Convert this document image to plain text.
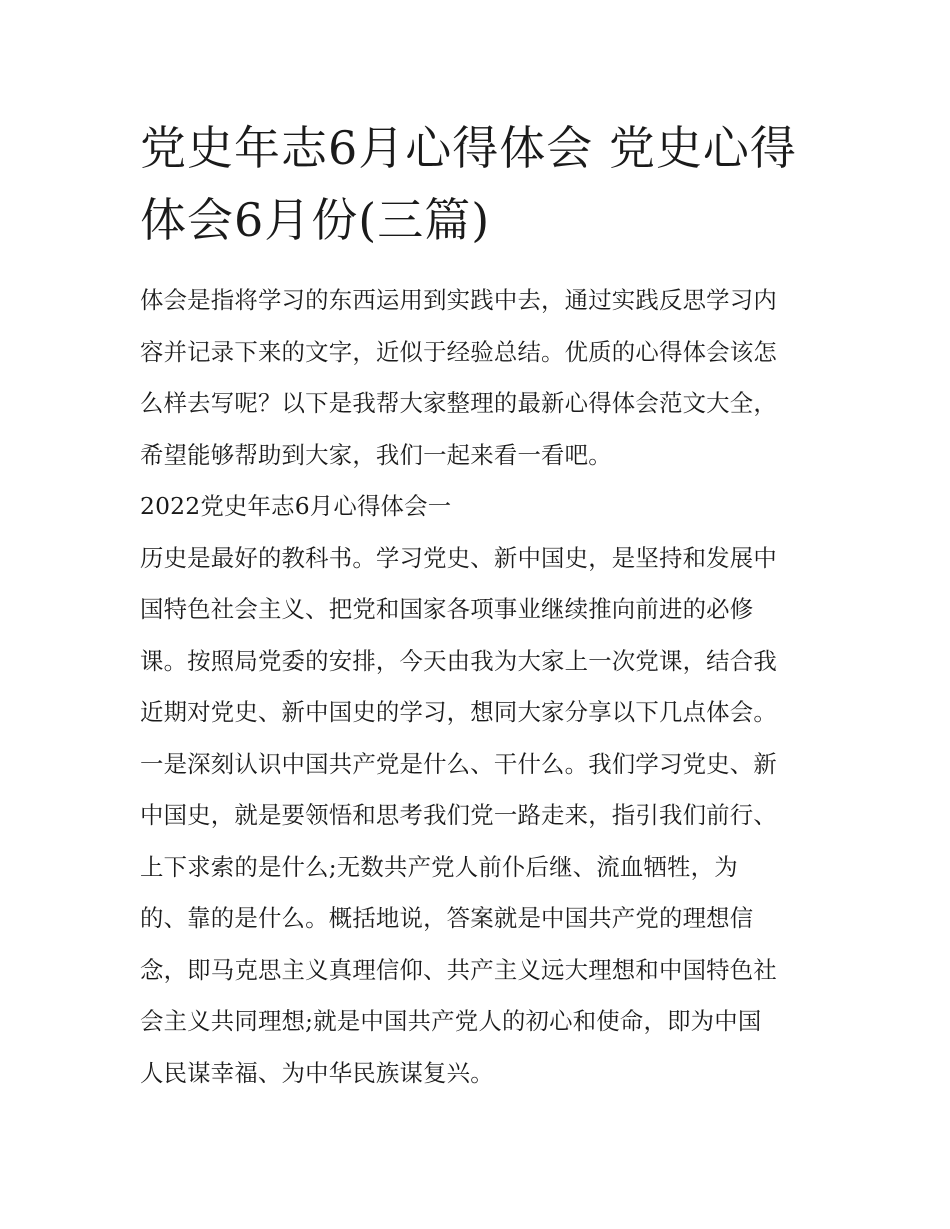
党史年志6月心得体会 党史心得体会6月份(三篇)
体会是指将学习的东西运用到实践中去，通过实践反思学习内
容并记录下来的文字，近似于经验总结。优质的心得体会该怎
么样去写呢？以下是我帮大家整理的最新心得体会范文大全，
希望能够帮助到大家，我们一起来看一看吧。
2022党史年志6月心得体会一
历史是最好的教科书。学习党史、新中国史，是坚持和发展中
国特色社会主义、把党和国家各项事业继续推向前进的必修
课。按照局党委的安排，今天由我为大家上一次党课，结合我
近期对党史、新中国史的学习，想同大家分享以下几点体会。
一是深刻认识中国共产党是什么、干什么。我们学习党史、新
中国史，就是要领悟和思考我们党一路走来，指引我们前行、
上下求索的是什么;无数共产党人前仆后继、流血牺牲，为
的、靠的是什么。概括地说，答案就是中国共产党的理想信
念，即马克思主义真理信仰、共产主义远大理想和中国特色社
会主义共同理想;就是中国共产党人的初心和使命，即为中国
人民谋幸福、为中华民族谋复兴。
